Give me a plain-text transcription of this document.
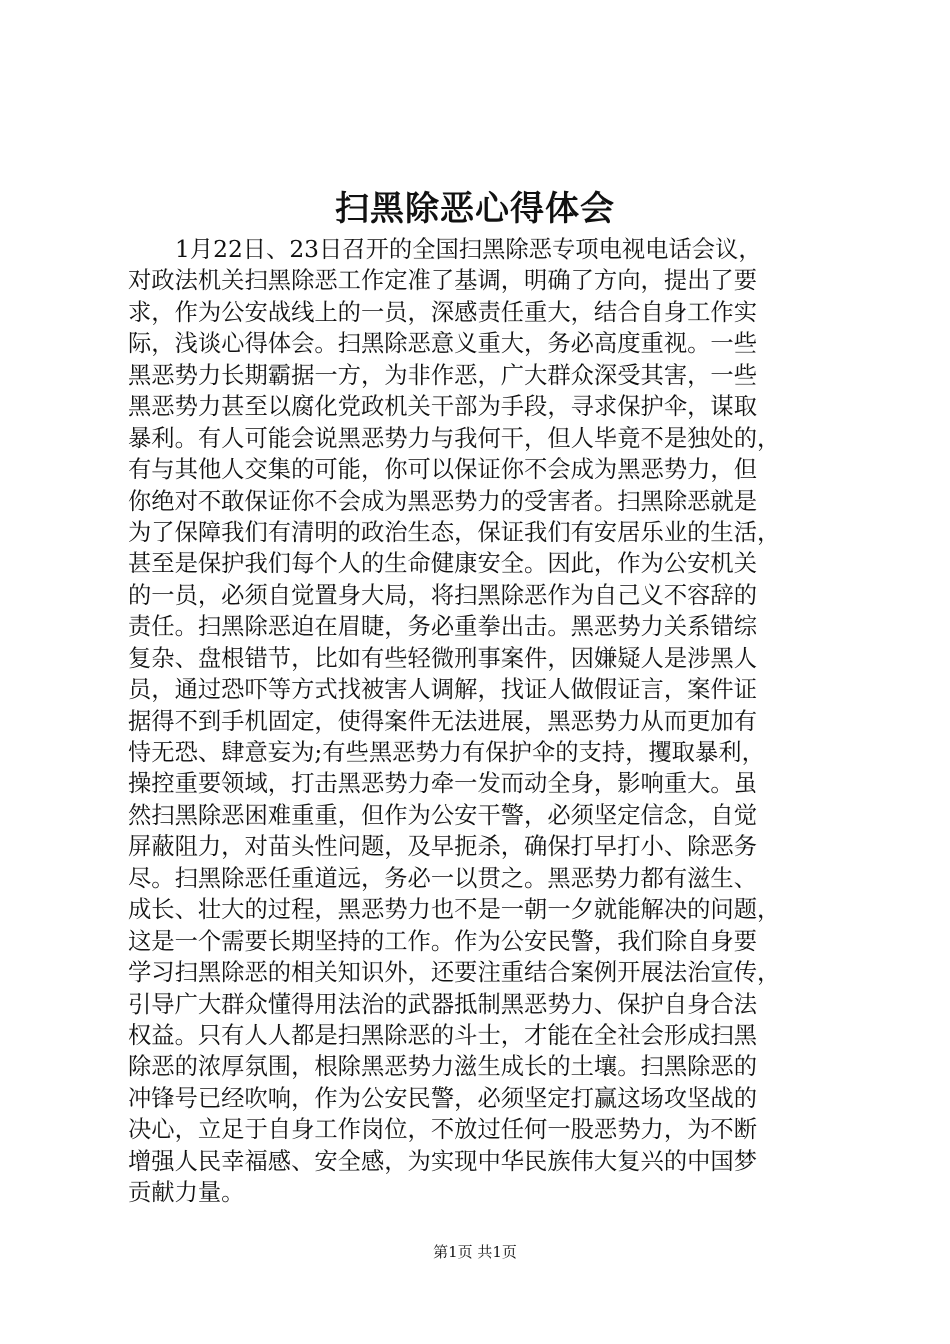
扫黑除恶心得体会
1月22日、23日召开的全国扫黑除恶专项电视电话会议，
对政法机关扫黑除恶工作定准了基调，明确了方向，提出了要
求，作为公安战线上的一员，深感责任重大，结合自身工作实
际，浅谈心得体会。扫黑除恶意义重大，务必高度重视。一些
黑恶势力长期霸据一方，为非作恶，广大群众深受其害，一些
黑恶势力甚至以腐化党政机关干部为手段，寻求保护伞，谋取
暴利。有人可能会说黑恶势力与我何干，但人毕竟不是独处的，
有与其他人交集的可能，你可以保证你不会成为黑恶势力，但
你绝对不敢保证你不会成为黑恶势力的受害者。扫黑除恶就是
为了保障我们有清明的政治生态，保证我们有安居乐业的生活，
甚至是保护我们每个人的生命健康安全。因此，作为公安机关
的一员，必须自觉置身大局，将扫黑除恶作为自己义不容辞的
责任。扫黑除恶迫在眉睫，务必重拳出击。黑恶势力关系错综
复杂、盘根错节，比如有些轻微刑事案件，因嫌疑人是涉黑人
员，通过恐吓等方式找被害人调解，找证人做假证言，案件证
据得不到手机固定，使得案件无法进展，黑恶势力从而更加有
恃无恐、肆意妄为;有些黑恶势力有保护伞的支持，攫取暴利，
操控重要领域，打击黑恶势力牵一发而动全身，影响重大。虽
然扫黑除恶困难重重，但作为公安干警，必须坚定信念，自觉
屏蔽阻力，对苗头性问题，及早扼杀，确保打早打小、除恶务
尽。扫黑除恶任重道远，务必一以贯之。黑恶势力都有滋生、
成长、壮大的过程，黑恶势力也不是一朝一夕就能解决的问题，
这是一个需要长期坚持的工作。作为公安民警，我们除自身要
学习扫黑除恶的相关知识外，还要注重结合案例开展法治宣传，
引导广大群众懂得用法治的武器抵制黑恶势力、保护自身合法
权益。只有人人都是扫黑除恶的斗士，才能在全社会形成扫黑
除恶的浓厚氛围，根除黑恶势力滋生成长的土壤。扫黑除恶的
冲锋号已经吹响，作为公安民警，必须坚定打赢这场攻坚战的
决心，立足于自身工作岗位，不放过任何一股恶势力，为不断
增强人民幸福感、安全感，为实现中华民族伟大复兴的中国梦
贡献力量。
第1页 共1页
